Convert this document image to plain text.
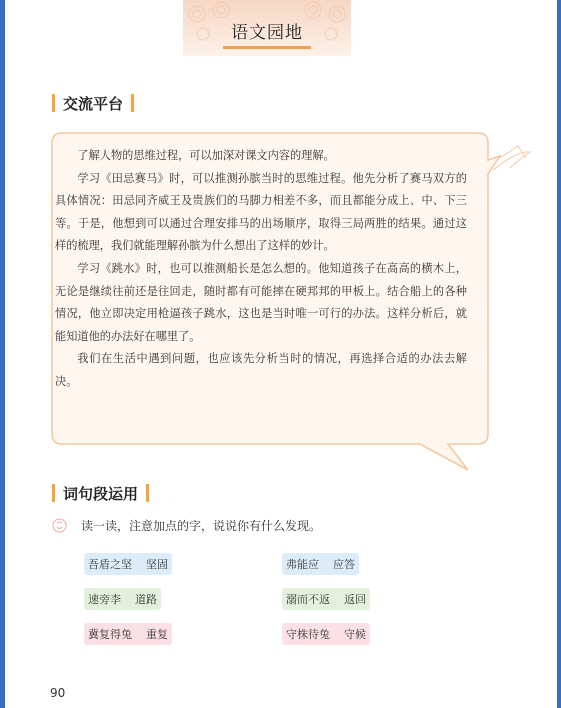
语文园地
交流平台

了解人物的思维过程，可以加深对课文内容的理解。

学习《田忌赛马》时，可以推测孙膑当时的思维过程。他先分析了赛马双方的具体情况：田忌同齐威王及贵族们的马脚力相差不多，而且都能分成上、中、下三等。于是，他想到可以通过合理安排马的出场顺序，取得三局两胜的结果。通过这样的梳理，我们就能理解孙膑为什么想出了这样的妙计。

学习《跳水》时，也可以推测船长是怎么想的。他知道孩子在高高的横木上，无论是继续往前还是往回走，随时都有可能摔在硬邦邦的甲板上。结合船上的各种情况，他立即决定用枪逼孩子跳水，这也是当时唯一可行的办法。这样分析后，就能知道他的办法好在哪里了。

我们在生活中遇到问题，也应该先分析当时的情况，再选择合适的办法去解决。

词句段运用
读一读，注意加点的字，说说你有什么发现。
吾盾之坚 坚固	弗能应 应答
速旁李 道路	溺而不返 返回
冀复得兔 重复	守株待兔 守候
90
